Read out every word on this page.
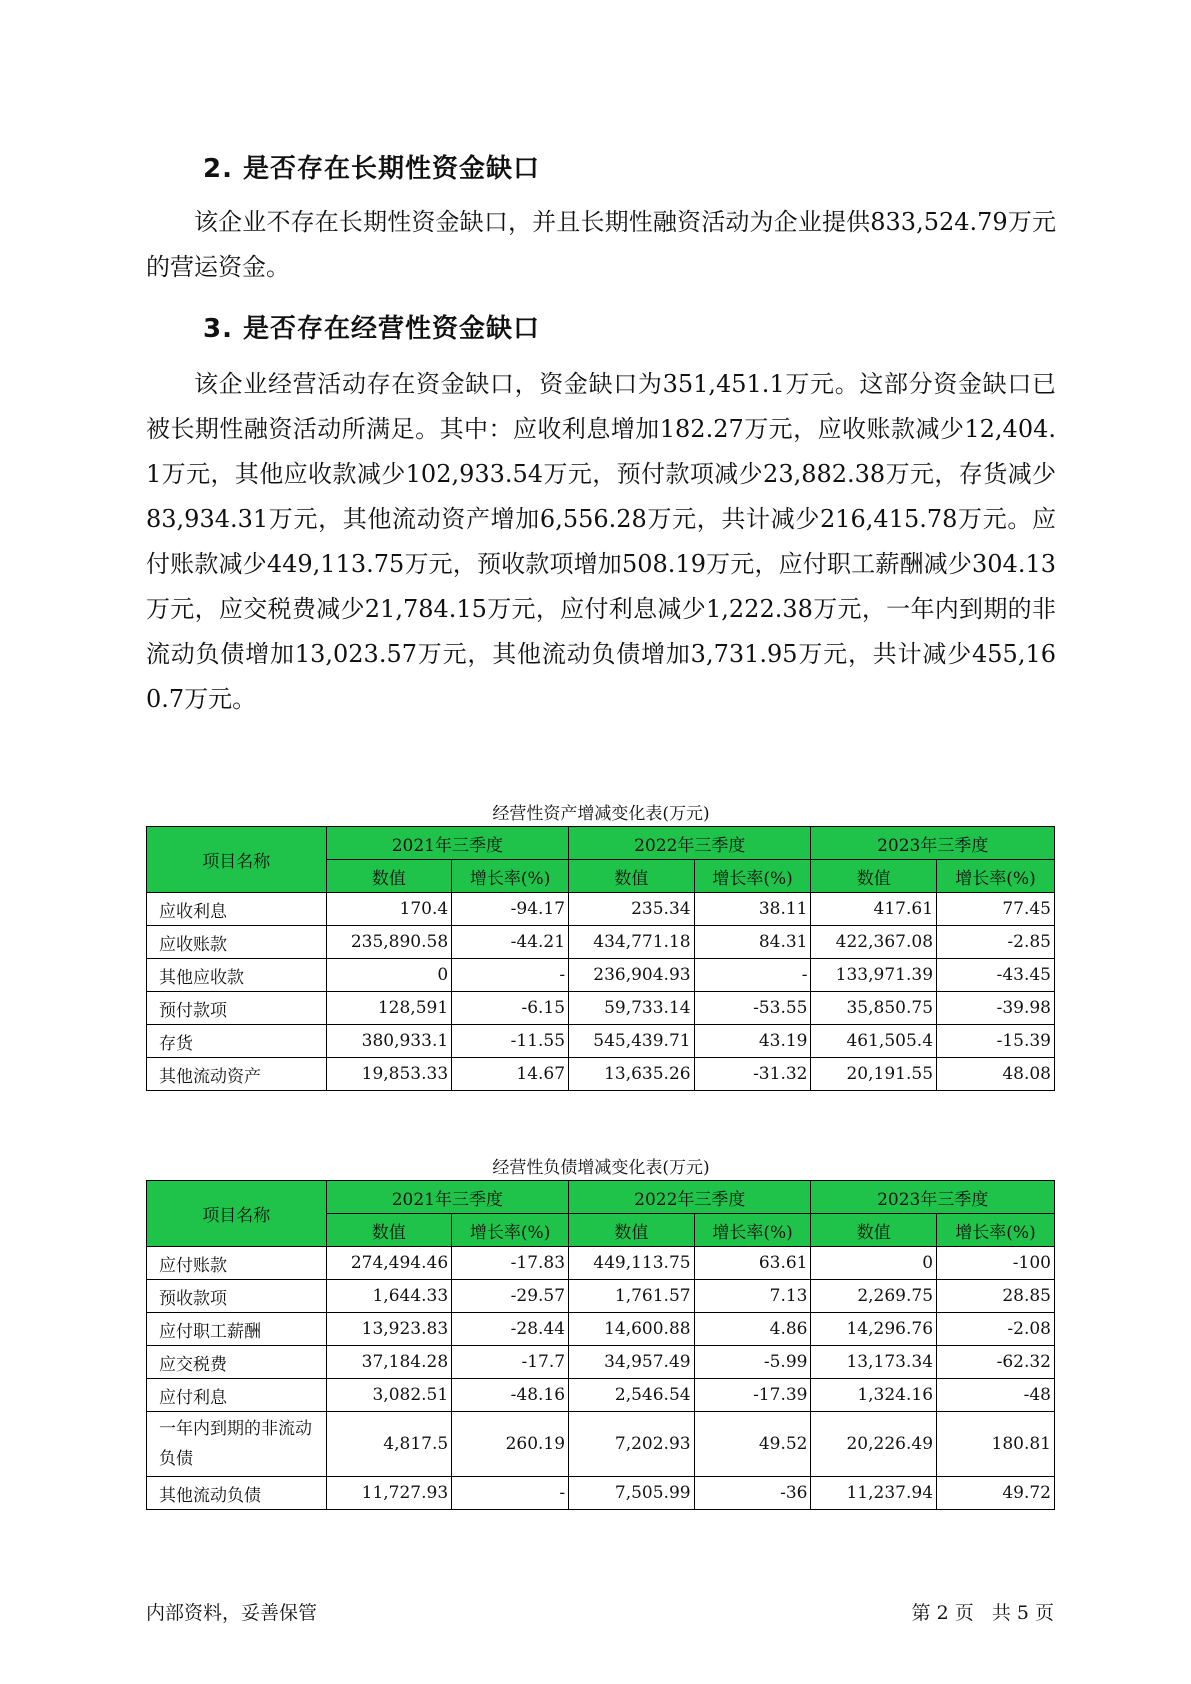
2. 是否存在长期性资金缺口

该企业不存在长期性资金缺口，并且长期性融资活动为企业提供833,524.79万元的营运资金。

3. 是否存在经营性资金缺口

该企业经营活动存在资金缺口，资金缺口为351,451.1万元。这部分资金缺口已被长期性融资活动所满足。其中：应收利息增加182.27万元，应收账款减少12,404.1万元，其他应收款减少102,933.54万元，预付款项减少23,882.38万元，存货减少83,934.31万元，其他流动资产增加6,556.28万元，共计减少216,415.78万元。应付账款减少449,113.75万元，预收款项增加508.19万元，应付职工薪酬减少304.13万元，应交税费减少21,784.15万元，应付利息减少1,222.38万元，一年内到期的非流动负债增加13,023.57万元，其他流动负债增加3,731.95万元，共计减少455,160.7万元。

经营性资产增减变化表(万元)

项目名称	2021年三季度		2022年三季度		2023年三季度	
	数值	增长率(%)	数值	增长率(%)	数值	增长率(%)
应收利息	170.4	-94.17	235.34	38.11	417.61	77.45
应收账款	235,890.58	-44.21	434,771.18	84.31	422,367.08	-2.85
其他应收款	0	-	236,904.93	-	133,971.39	-43.45
预付款项	128,591	-6.15	59,733.14	-53.55	35,850.75	-39.98
存货	380,933.1	-11.55	545,439.71	43.19	461,505.4	-15.39
其他流动资产	19,853.33	14.67	13,635.26	-31.32	20,191.55	48.08

经营性负债增减变化表(万元)

项目名称	2021年三季度		2022年三季度		2023年三季度	
	数值	增长率(%)	数值	增长率(%)	数值	增长率(%)
应付账款	274,494.46	-17.83	449,113.75	63.61	0	-100
预收款项	1,644.33	-29.57	1,761.57	7.13	2,269.75	28.85
应付职工薪酬	13,923.83	-28.44	14,600.88	4.86	14,296.76	-2.08
应交税费	37,184.28	-17.7	34,957.49	-5.99	13,173.34	-62.32
应付利息	3,082.51	-48.16	2,546.54	-17.39	1,324.16	-48
一年内到期的非流动负债	4,817.5	260.19	7,202.93	49.52	20,226.49	180.81
其他流动负债	11,727.93	-	7,505.99	-36	11,237.94	49.72

内部资料，妥善保管	第 2 页   共 5 页
